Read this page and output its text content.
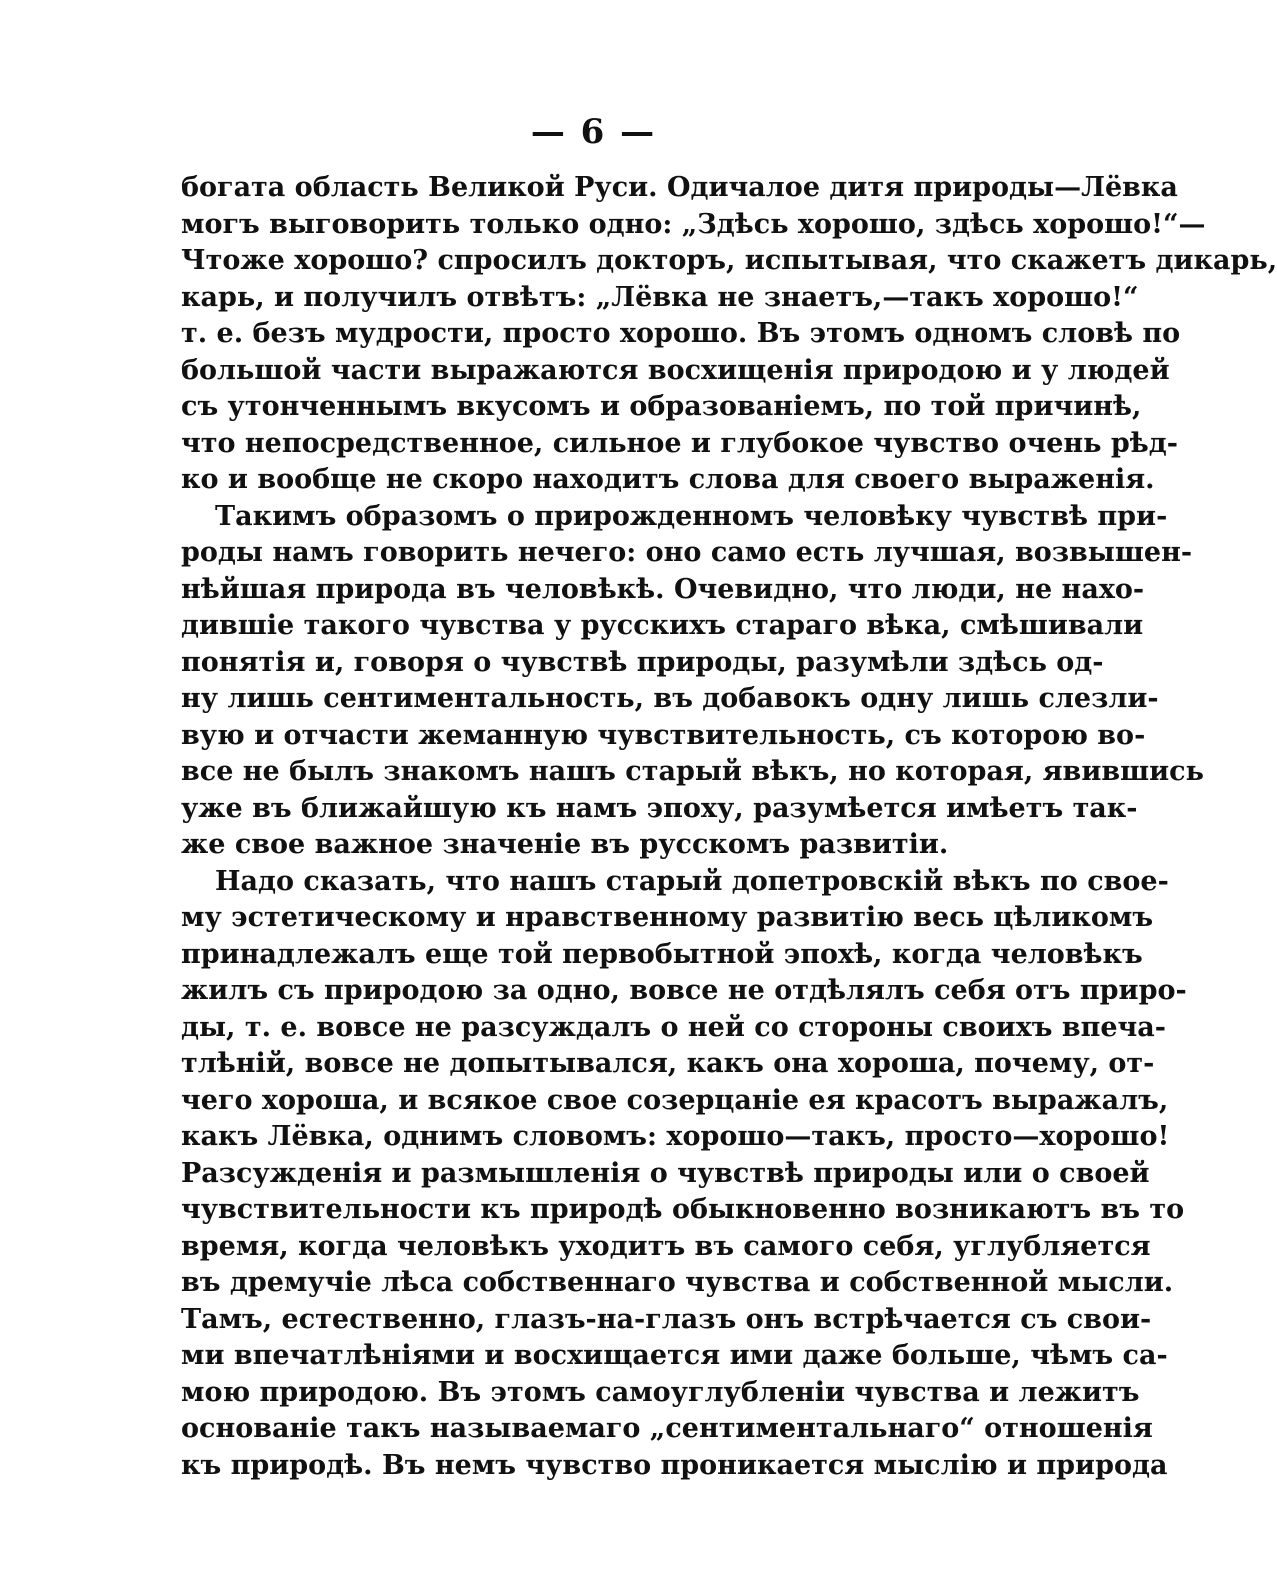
— 6 —
богата область Великой Руси. Одичалое дитя природы—Лёвка
могъ выговорить только одно: „Здѣсь хорошо, здѣсь хорошо!“—
Чтоже хорошо? спросилъ докторъ, испытывая, что скажетъ дикарь,
карь, и получилъ отвѣтъ: „Лёвка не знаетъ,—такъ хорошо!“
т. е. безъ мудрости, просто хорошо. Въ этомъ одномъ словѣ по
большой части выражаются восхищенія природою и у людей
съ утонченнымъ вкусомъ и образованіемъ, по той причинѣ,
что непосредственное, сильное и глубокое чувство очень рѣд-
ко и вообще не скоро находитъ слова для своего выраженія.
Такимъ образомъ о прирожденномъ человѣку чувствѣ при-
роды намъ говорить нечего: оно само есть лучшая, возвышен-
нѣйшая природа въ человѣкѣ. Очевидно, что люди, не нахо-
дившіе такого чувства у русскихъ стараго вѣка, смѣшивали
понятія и, говоря о чувствѣ природы, разумѣли здѣсь од-
ну лишь сентиментальность, въ добавокъ одну лишь слезли-
вую и отчасти жеманную чувствительность, съ которою во-
все не былъ знакомъ нашъ старый вѣкъ, но которая, явившись
уже въ ближайшую къ намъ эпоху, разумѣется имѣетъ так-
же свое важное значеніе въ русскомъ развитіи.
Надо сказать, что нашъ старый допетровскій вѣкъ по свое-
му эстетическому и нравственному развитію весь цѣликомъ
принадлежалъ еще той первобытной эпохѣ, когда человѣкъ
жилъ съ природою за одно, вовсе не отдѣлялъ себя отъ приро-
ды, т. е. вовсе не разсуждалъ о ней со стороны своихъ впеча-
тлѣній, вовсе не допытывался, какъ она хороша, почему, от-
чего хороша, и всякое свое созерцаніе ея красотъ выражалъ,
какъ Лёвка, однимъ словомъ: хорошо—такъ, просто—хорошо!
Разсужденія и размышленія о чувствѣ природы или о своей
чувствительности къ природѣ обыкновенно возникаютъ въ то
время, когда человѣкъ уходитъ въ самого себя, углубляется
въ дремучіе лѣса собственнаго чувства и собственной мысли.
Тамъ, естественно, глазъ-на-глазъ онъ встрѣчается съ свои-
ми впечатлѣніями и восхищается ими даже больше, чѣмъ са-
мою природою. Въ этомъ самоуглубленіи чувства и лежитъ
основаніе такъ называемаго „сентиментальнаго“ отношенія
къ природѣ. Въ немъ чувство проникается мыслію и природа
